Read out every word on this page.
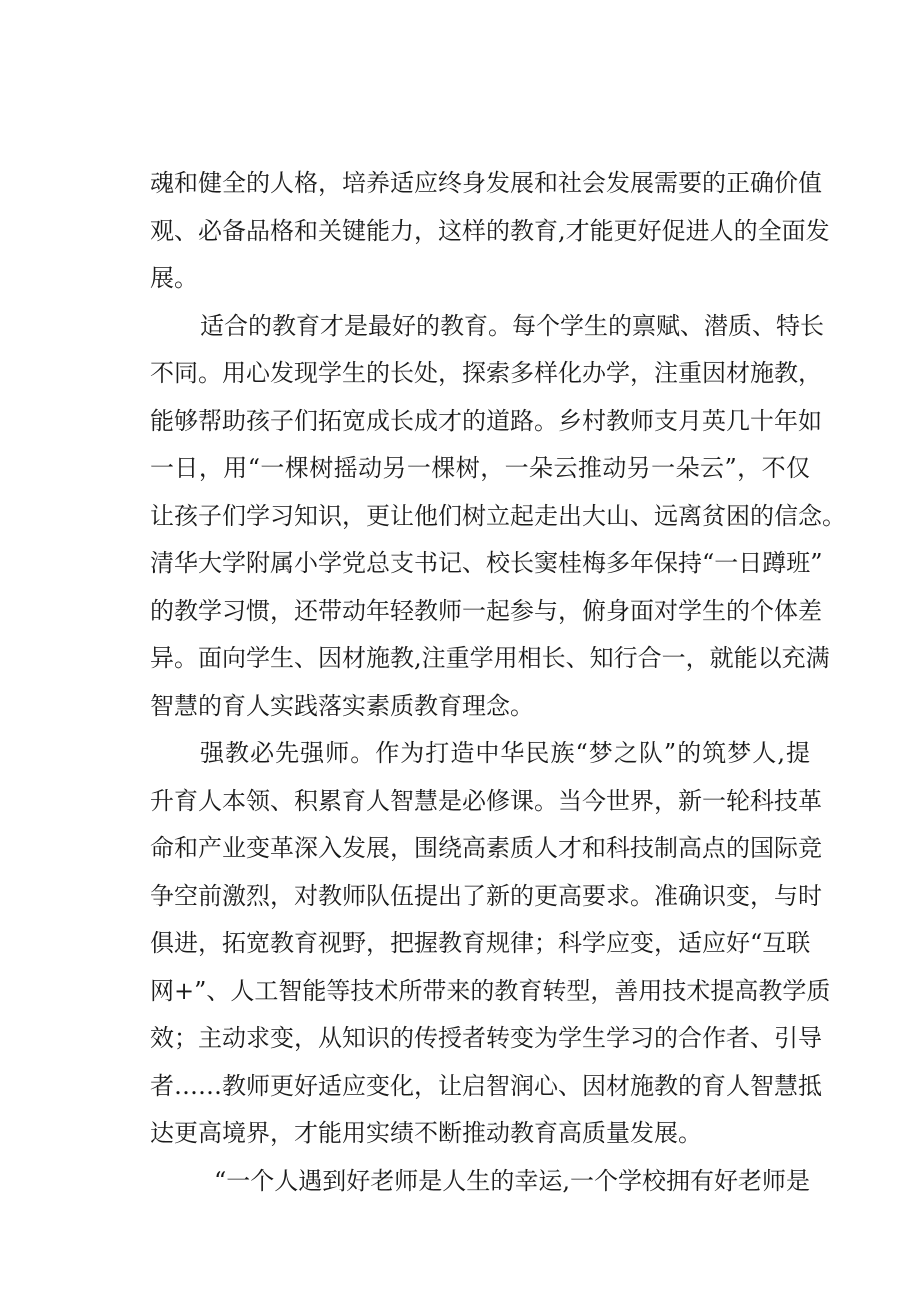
魂和健全的人格，培养适应终身发展和社会发展需要的正确价值
观、必备品格和关键能力，这样的教育,才能更好促进人的全面发
展。
适合的教育才是最好的教育。每个学生的禀赋、潜质、特长
不同。用心发现学生的长处，探索多样化办学，注重因材施教，
能够帮助孩子们拓宽成长成才的道路。乡村教师支月英几十年如
一日，用“一棵树摇动另一棵树，一朵云推动另一朵云”，不仅
让孩子们学习知识，更让他们树立起走出大山、远离贫困的信念。
清华大学附属小学党总支书记、校长窦桂梅多年保持“一日蹲班”
的教学习惯，还带动年轻教师一起参与，俯身面对学生的个体差
异。面向学生、因材施教,注重学用相长、知行合一，就能以充满
智慧的育人实践落实素质教育理念。
强教必先强师。作为打造中华民族“梦之队”的筑梦人,提
升育人本领、积累育人智慧是必修课。当今世界，新一轮科技革
命和产业变革深入发展，围绕高素质人才和科技制高点的国际竞
争空前激烈，对教师队伍提出了新的更高要求。准确识变，与时
俱进，拓宽教育视野，把握教育规律；科学应变，适应好“互联
网+”、人工智能等技术所带来的教育转型，善用技术提高教学质
效；主动求变，从知识的传授者转变为学生学习的合作者、引导
者……教师更好适应变化，让启智润心、因材施教的育人智慧抵
达更高境界，才能用实绩不断推动教育高质量发展。
“一个人遇到好老师是人生的幸运,一个学校拥有好老师是
